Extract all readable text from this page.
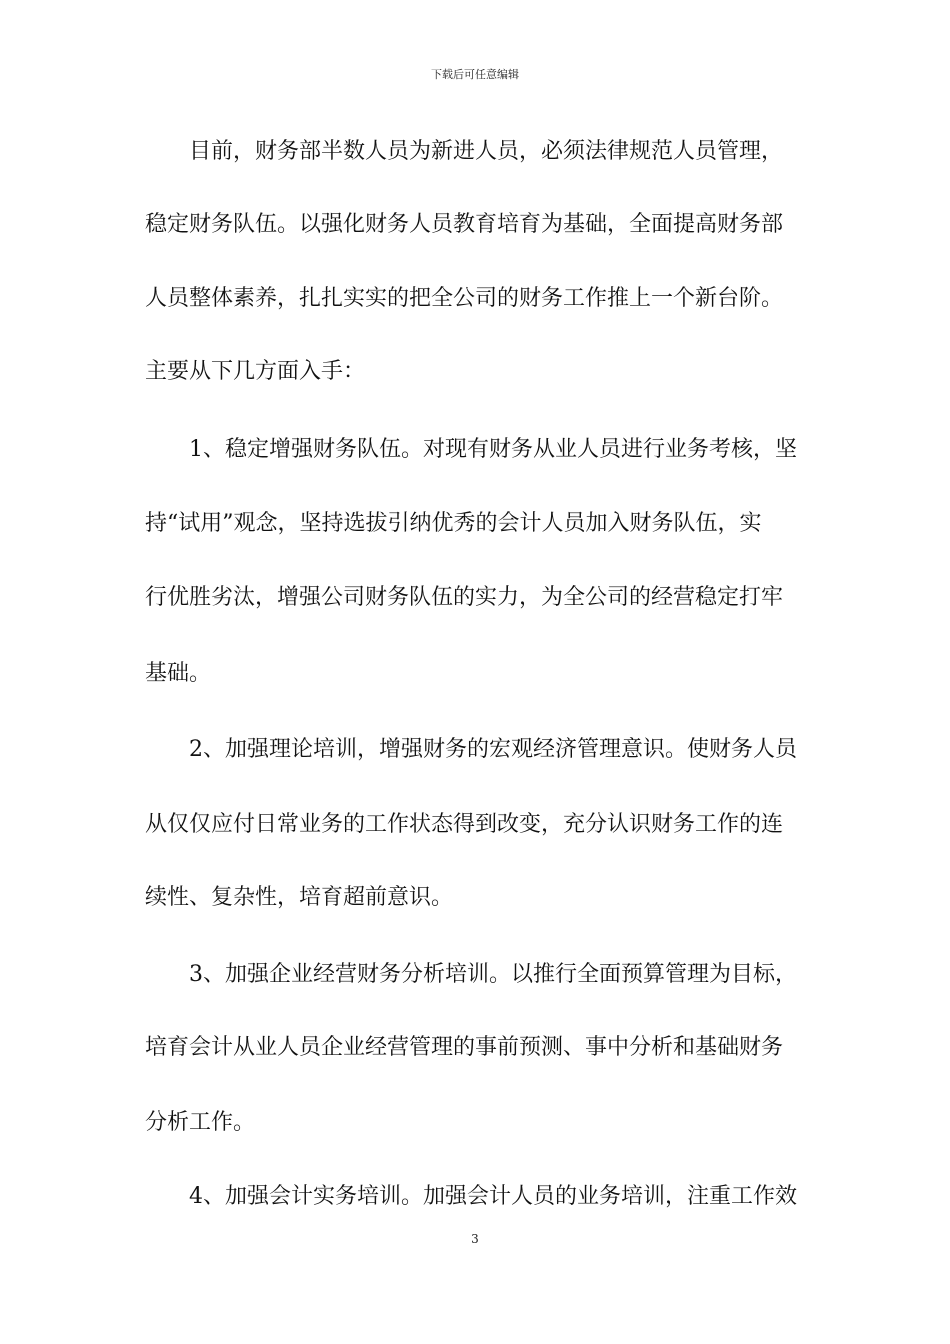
下载后可任意编辑
　　目前，财务部半数人员为新进人员，必须法律规范人员管理，
稳定财务队伍。以强化财务人员教育培育为基础，全面提高财务部
人员整体素养，扎扎实实的把全公司的财务工作推上一个新台阶。
主要从下几方面入手：
　　1、稳定增强财务队伍。对现有财务从业人员进行业务考核，坚
持“试用”观念，坚持选拔引纳优秀的会计人员加入财务队伍，实
行优胜劣汰，增强公司财务队伍的实力，为全公司的经营稳定打牢
基础。
　　2、加强理论培训，增强财务的宏观经济管理意识。使财务人员
从仅仅应付日常业务的工作状态得到改变，充分认识财务工作的连
续性、复杂性，培育超前意识。
　　3、加强企业经营财务分析培训。以推行全面预算管理为目标，
培育会计从业人员企业经营管理的事前预测、事中分析和基础财务
分析工作。
　　4、加强会计实务培训。加强会计人员的业务培训，注重工作效
3
